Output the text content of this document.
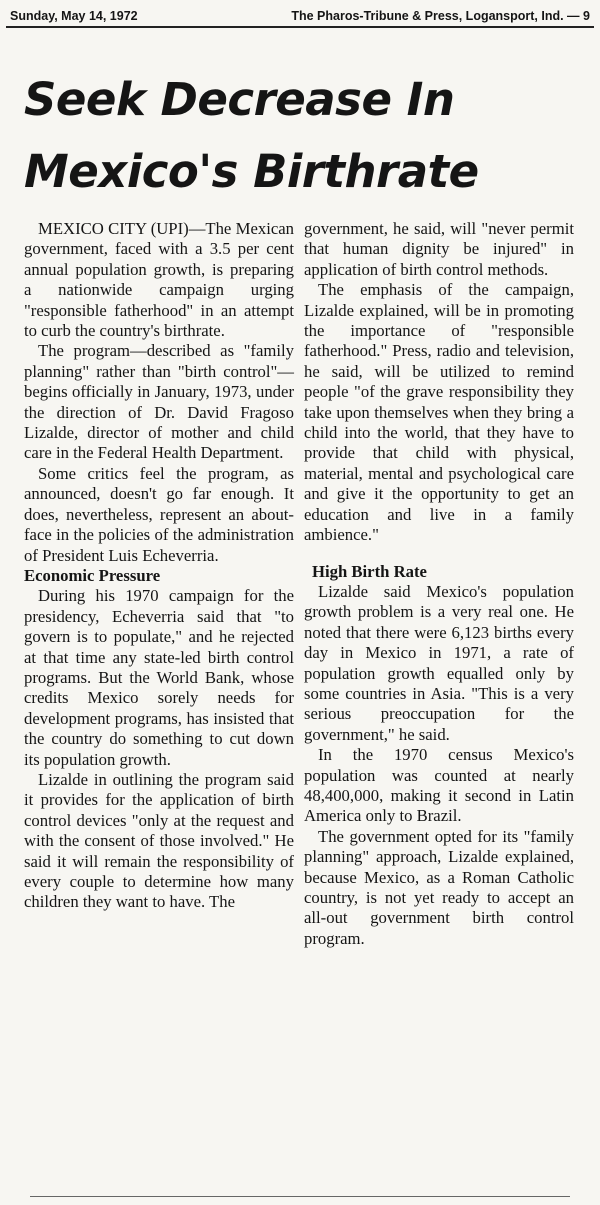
Sunday, May 14, 1972	The Pharos-Tribune & Press, Logansport, Ind. — 9
Seek Decrease In
Mexico's Birthrate

MEXICO CITY (UPI)—The Mexican government, faced with a 3.5 per cent annual population growth, is preparing a nationwide campaign urging "responsible fatherhood" in an attempt to curb the country's birthrate.

The program—described as "family planning" rather than "birth control"—begins officially in January, 1973, under the direction of Dr. David Fragoso Lizalde, director of mother and child care in the Federal Health Department.

Some critics feel the program, as announced, doesn't go far enough. It does, nevertheless, represent an about-face in the policies of the administration of President Luis Echeverria.

Economic Pressure

During his 1970 campaign for the presidency, Echeverria said that "to govern is to populate," and he rejected at that time any state-led birth control programs. But the World Bank, whose credits Mexico sorely needs for development programs, has insisted that the country do something to cut down its population growth.

Lizalde in outlining the program said it provides for the application of birth control devices "only at the request and with the consent of those involved." He said it will remain the responsibility of every couple to determine how many children they want to have. The

government, he said, will "never permit that human dignity be injured" in application of birth control methods.

The emphasis of the campaign, Lizalde explained, will be in promoting the importance of "responsible fatherhood." Press, radio and television, he said, will be utilized to remind people "of the grave responsibility they take upon themselves when they bring a child into the world, that they have to provide that child with physical, material, mental and psychological care and give it the opportunity to get an education and live in a family ambience."

High Birth Rate

Lizalde said Mexico's population growth problem is a very real one. He noted that there were 6,123 births every day in Mexico in 1971, a rate of population growth equalled only by some countries in Asia. "This is a very serious preoccupation for the government," he said.

In the 1970 census Mexico's population was counted at nearly 48,400,000, making it second in Latin America only to Brazil.

The government opted for its "family planning" approach, Lizalde explained, because Mexico, as a Roman Catholic country, is not yet ready to accept an all-out government birth control program.
